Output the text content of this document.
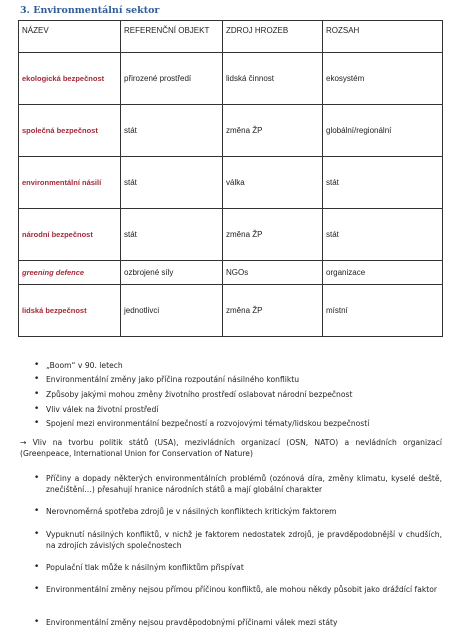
3. Environmentální sektor
NÁZEV	REFERENČNÍ OBJEKT	ZDROJ HROZEB	ROZSAH
ekologická bezpečnost	přirozené prostředí	lidská činnost	ekosystém
společná bezpečnost	stát	změna ŽP	globální/regionální
environmentální násilí	stát	válka	stát
národní bezpečnost	stát	změna ŽP	stát
greening defence	ozbrojené síly	NGOs	organizace
lidská bezpečnost	jednotlivci	změna ŽP	místní
• „Boom“ v 90. letech
• Environmentální změny jako příčina rozpoutání násilného konfliktu
• Způsoby jakými mohou změny životního prostředí oslabovat národní bezpečnost
• Vliv válek na životní prostředí
• Spojení mezi environmentální bezpečností a rozvojovými tématy/lidskou bezpečností
→ Vliv na tvorbu politik států (USA), mezivládních organizací (OSN, NATO) a nevládních organizací (Greenpeace, International Union for Conservation of Nature)
• Příčiny a dopady některých environmentálních problémů (ozónová díra, změny klimatu, kyselé deště, znečištění…) přesahují hranice národních států a mají globální charakter
• Nerovnoměrná spotřeba zdrojů je v násilných konfliktech kritickým faktorem
• Vypuknutí násilných konfliktů, v nichž je faktorem nedostatek zdrojů, je pravděpodobnější v chudších, na zdrojích závislých společnostech
• Populační tlak může k násilným konfliktům přispívat
• Environmentální změny nejsou přímou příčinou konfliktů, ale mohou někdy působit jako dráždící faktor
• Environmentální změny nejsou pravděpodobnými příčinami válek mezi státy
